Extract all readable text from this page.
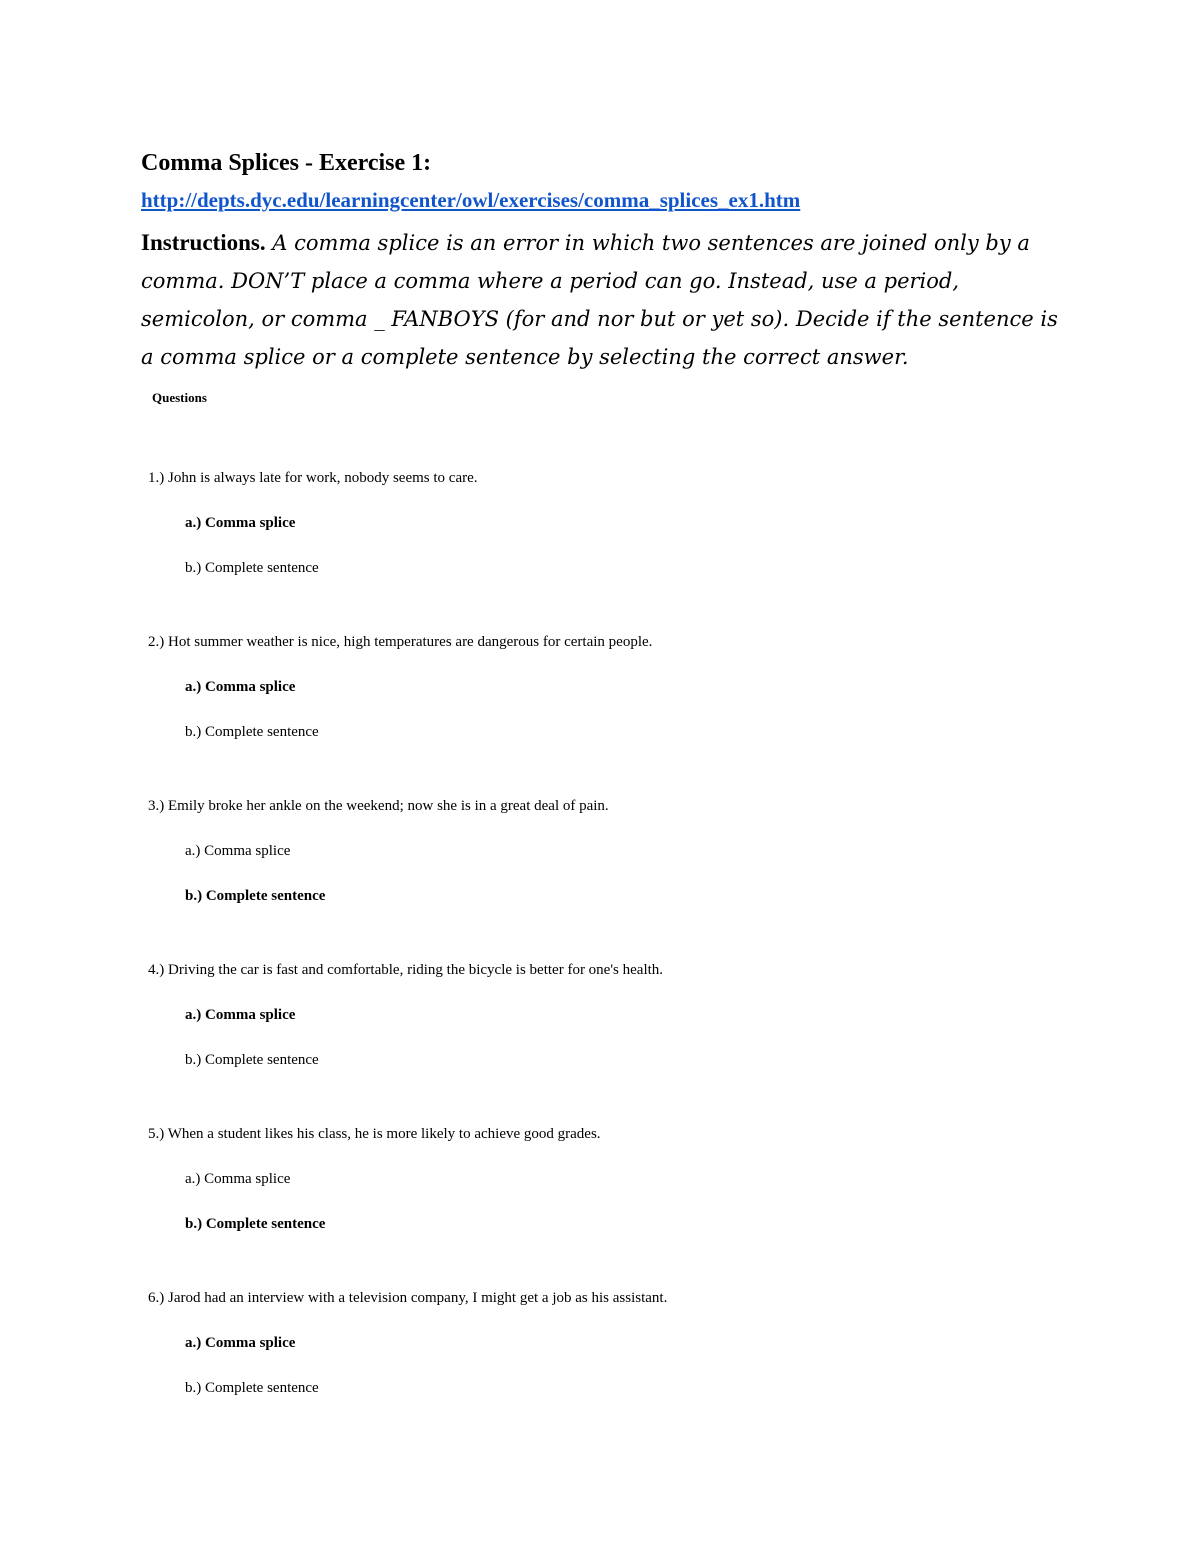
Comma Splices - Exercise 1:
http://depts.dyc.edu/learningcenter/owl/exercises/comma_splices_ex1.htm
Instructions. A comma splice is an error in which two sentences are joined only by a comma. DON’T place a comma where a period can go. Instead, use a period, semicolon, or comma _ FANBOYS (for and nor but or yet so). Decide if the sentence is a comma splice or a complete sentence by selecting the correct answer.
Questions
1.) John is always late for work, nobody seems to care.
a.) Comma splice
b.) Complete sentence
2.) Hot summer weather is nice, high temperatures are dangerous for certain people.
a.) Comma splice
b.) Complete sentence
3.) Emily broke her ankle on the weekend; now she is in a great deal of pain.
a.) Comma splice
b.) Complete sentence
4.) Driving the car is fast and comfortable, riding the bicycle is better for one's health.
a.) Comma splice
b.) Complete sentence
5.) When a student likes his class, he is more likely to achieve good grades.
a.) Comma splice
b.) Complete sentence
6.) Jarod had an interview with a television company, I might get a job as his assistant.
a.) Comma splice
b.) Complete sentence
